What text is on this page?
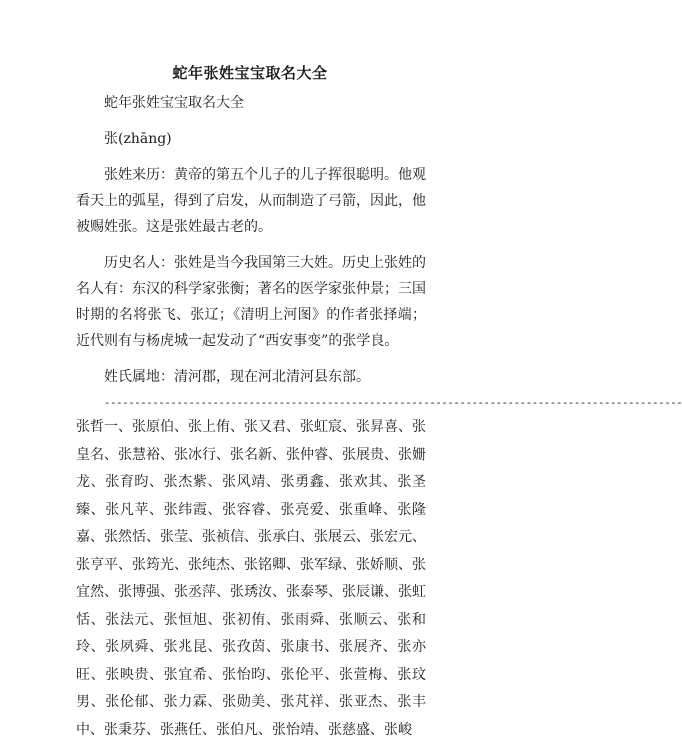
蛇年张姓宝宝取名大全

蛇年张姓宝宝取名大全

张(zhāng)

张姓来历：黄帝的第五个儿子的儿子挥很聪明。他观看天上的弧星，得到了启发，从而制造了弓箭，因此，他被赐姓张。这是张姓最古老的。

历史名人：张姓是当今我国第三大姓。历史上张姓的名人有：东汉的科学家张衡；著名的医学家张仲景；三国时期的名将张飞、张辽；《清明上河图》的作者张择端；近代则有与杨虎城一起发动了“西安事变”的张学良。

姓氏属地：清河郡，现在河北清河县东部。

------------------------------------------------------------------------------------------------

张哲一、张原伯、张上侑、张又君、张虹宸、张昇喜、张皇名、张慧裕、张冰行、张名新、张仲睿、张展贵、张姗龙、张育昀、张杰紫、张风靖、张勇鑫、张欢其、张圣臻、张凡苹、张纬霞、张容睿、张亮爱、张重峰、张隆嘉、张然恬、张莹、张祯信、张承白、张展云、张宏元、张亨平、张筠光、张纯杰、张铭卿、张军绿、张娇顺、张宜然、张博强、张丞萍、张琇汝、张泰琴、张辰谦、张虹恬、张法元、张恒旭、张初侑、张雨舜、张顺云、张和玲、张夙舜、张兆昆、张孜茵、张康书、张展齐、张亦旺、张映贵、张宜希、张怡昀、张伦平、张萱梅、张玟男、张伦郁、张力霖、张勋美、张芃祥、张亚杰、张丰中、张秉芬、张燕任、张伯凡、张怡靖、张慈盛、张峻
